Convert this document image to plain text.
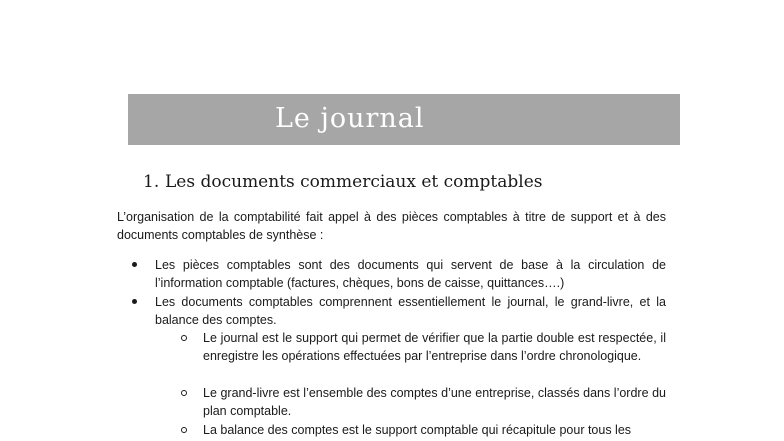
Le journal
1. Les documents commerciaux et comptables
L’organisation de la comptabilité fait appel à des pièces comptables à titre de support et à des documents comptables de synthèse :
Les pièces comptables sont des documents qui servent de base à la circulation de l’information comptable (factures, chèques, bons de caisse, quittances….)
Les documents comptables comprennent essentiellement le journal, le grand-livre, et la balance des comptes.
Le journal est le support qui permet de vérifier que la partie double est respectée, il enregistre les opérations effectuées par l’entreprise dans l’ordre chronologique.
Le grand-livre est l’ensemble des comptes d’une entreprise, classés dans l’ordre du plan comptable.
La balance des comptes est le support comptable qui récapitule pour tous les
